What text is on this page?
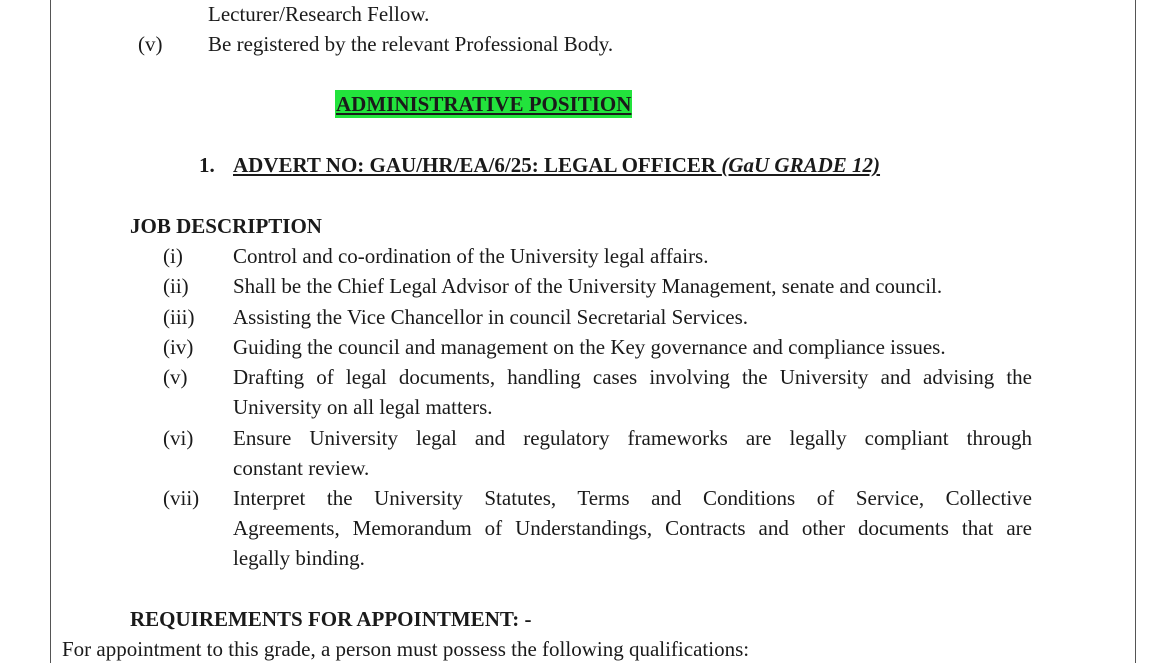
Lecturer/Research Fellow.
(v) Be registered by the relevant Professional Body.
ADMINISTRATIVE POSITION
1. ADVERT NO: GAU/HR/EA/6/25: LEGAL OFFICER (GaU GRADE 12)
JOB DESCRIPTION
(i) Control and co-ordination of the University legal affairs.
(ii) Shall be the Chief Legal Advisor of the University Management, senate and council.
(iii) Assisting the Vice Chancellor in council Secretarial Services.
(iv) Guiding the council and management on the Key governance and compliance issues.
(v) Drafting of legal documents, handling cases involving the University and advising the
University on all legal matters.
(vi) Ensure University legal and regulatory frameworks are legally compliant through
constant review.
(vii) Interpret the University Statutes, Terms and Conditions of Service, Collective
Agreements, Memorandum of Understandings, Contracts and other documents that are
legally binding.
REQUIREMENTS FOR APPOINTMENT: -
For appointment to this grade, a person must possess the following qualifications:
